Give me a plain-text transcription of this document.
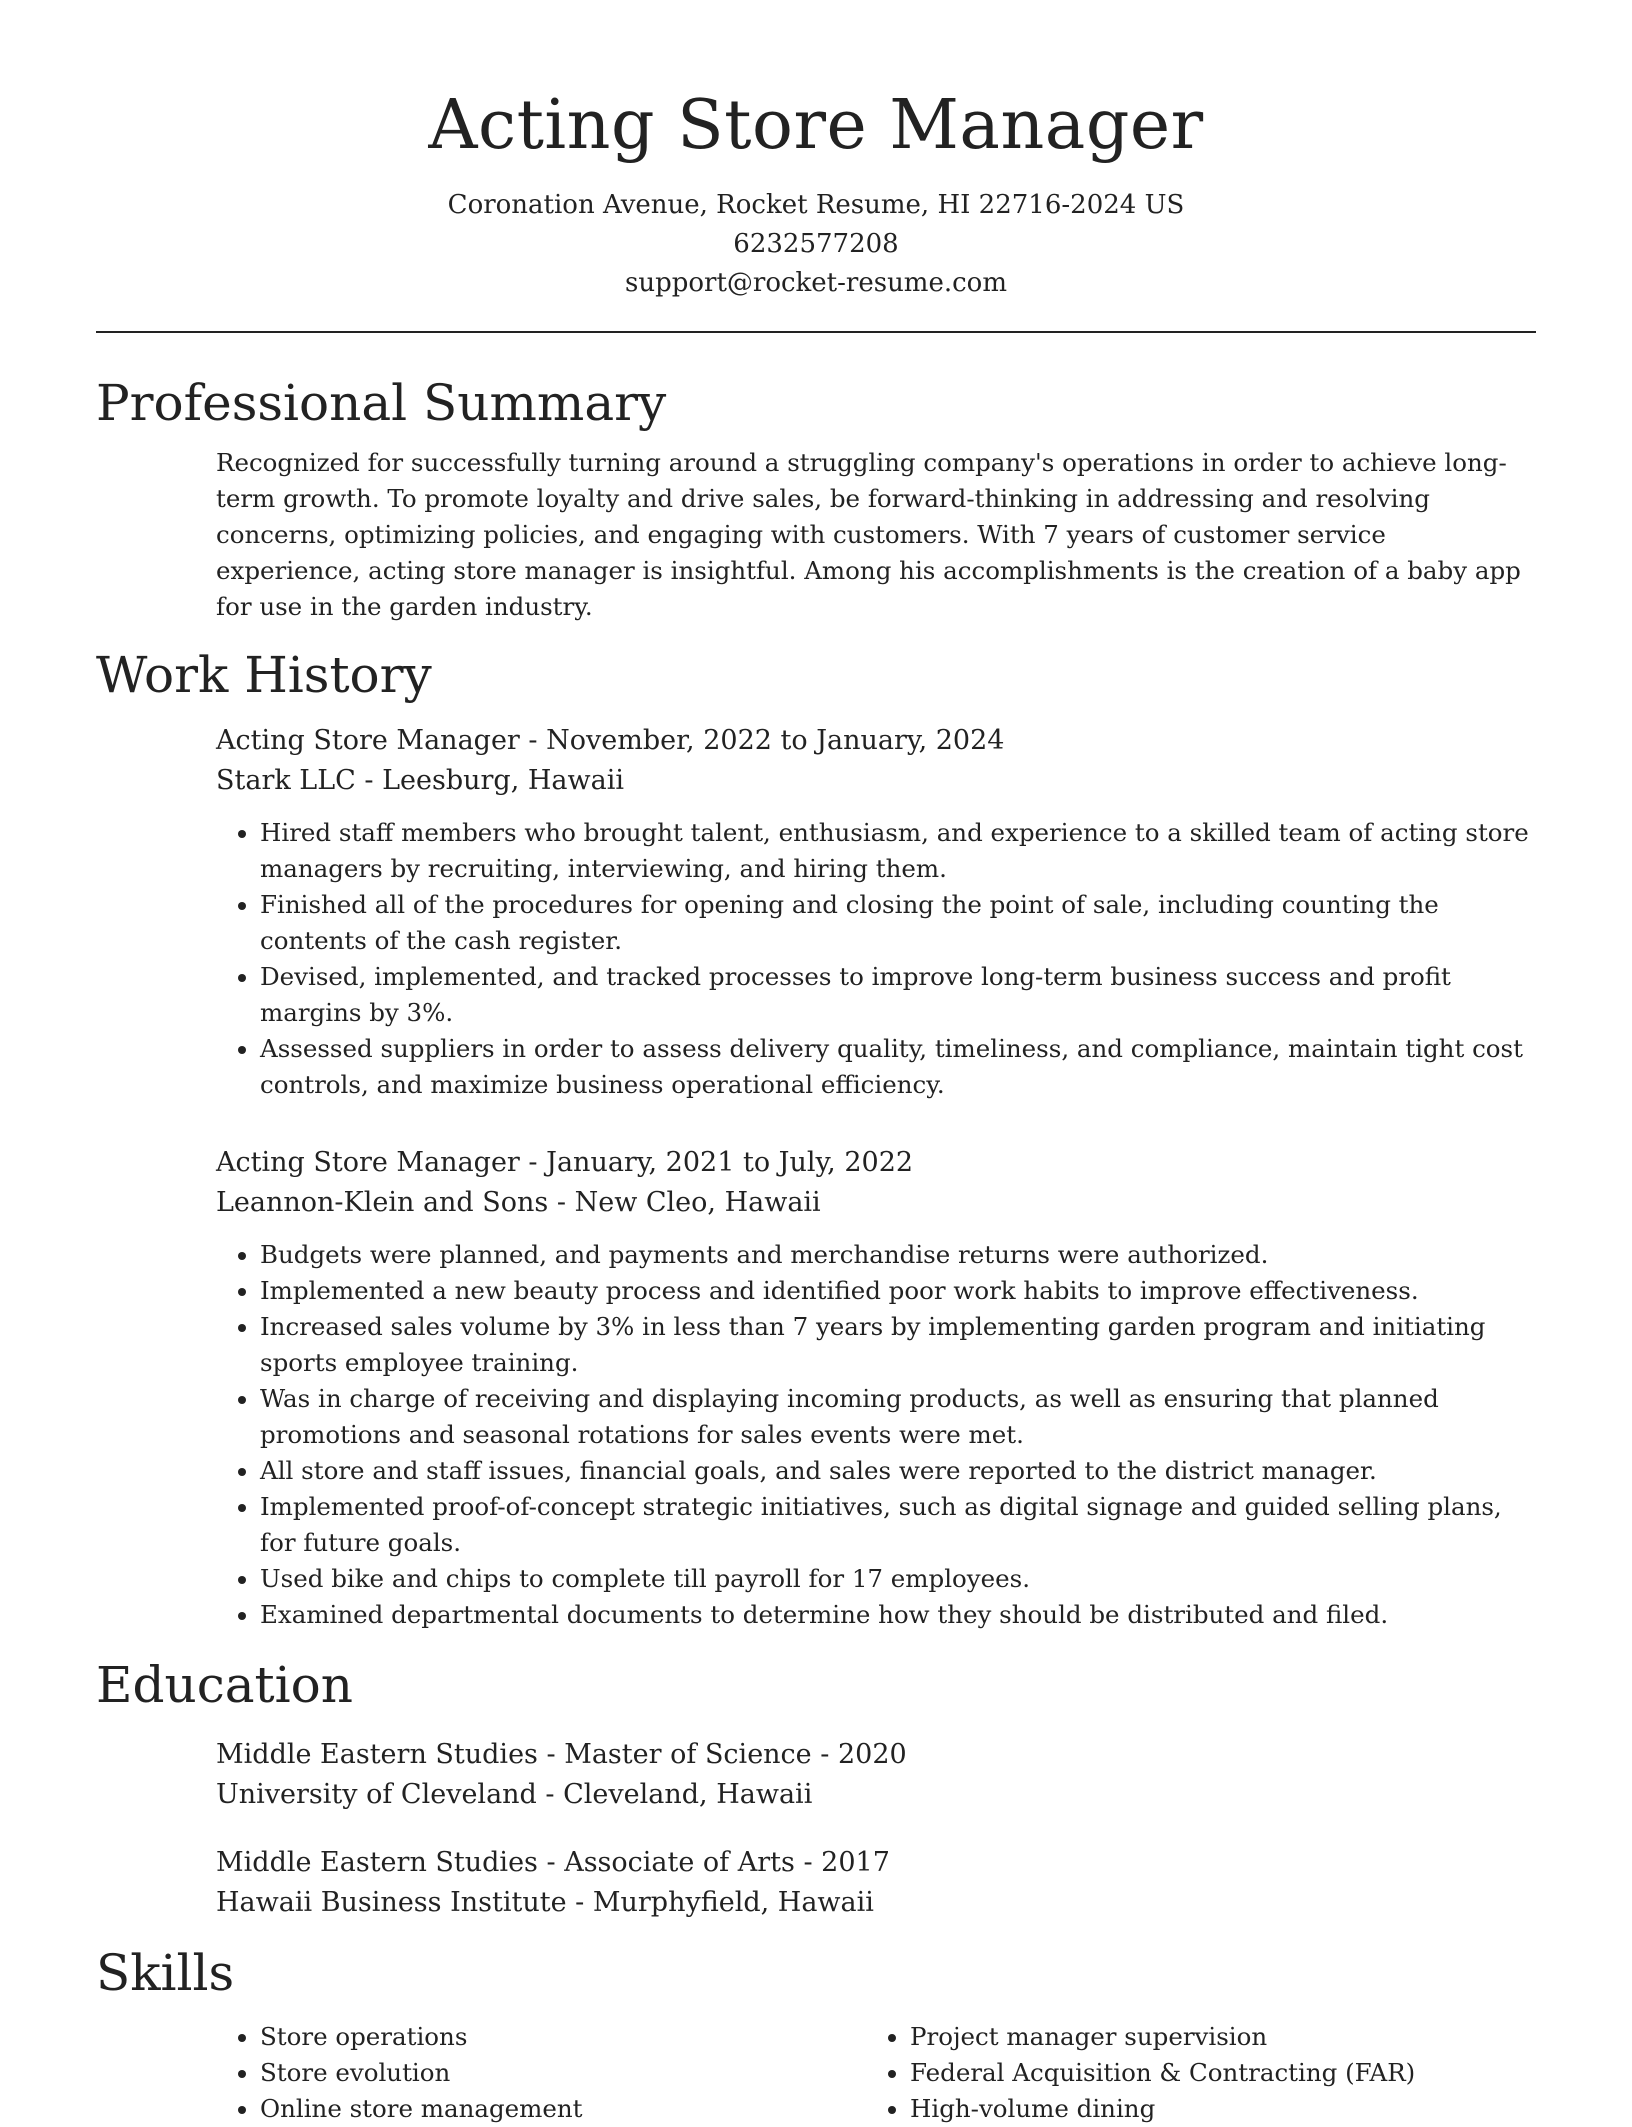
Acting Store Manager
Coronation Avenue, Rocket Resume, HI 22716-2024 US
6232577208
support@rocket-resume.com
Professional Summary

Recognized for successfully turning around a struggling company's operations in order to achieve long-term growth. To promote loyalty and drive sales, be forward-thinking in addressing and resolving concerns, optimizing policies, and engaging with customers. With 7 years of customer service experience, acting store manager is insightful. Among his accomplishments is the creation of a baby app for use in the garden industry.

Work History
Acting Store Manager - November, 2022 to January, 2024
Stark LLC - Leesburg, Hawaii
• Hired staff members who brought talent, enthusiasm, and experience to a skilled team of acting store managers by recruiting, interviewing, and hiring them.
• Finished all of the procedures for opening and closing the point of sale, including counting the contents of the cash register.
• Devised, implemented, and tracked processes to improve long-term business success and profit margins by 3%.
• Assessed suppliers in order to assess delivery quality, timeliness, and compliance, maintain tight cost controls, and maximize business operational efficiency.
Acting Store Manager - January, 2021 to July, 2022
Leannon-Klein and Sons - New Cleo, Hawaii
• Budgets were planned, and payments and merchandise returns were authorized.
• Implemented a new beauty process and identified poor work habits to improve effectiveness.
• Increased sales volume by 3% in less than 7 years by implementing garden program and initiating sports employee training.
• Was in charge of receiving and displaying incoming products, as well as ensuring that planned promotions and seasonal rotations for sales events were met.
• All store and staff issues, financial goals, and sales were reported to the district manager.
• Implemented proof-of-concept strategic initiatives, such as digital signage and guided selling plans, for future goals.
• Used bike and chips to complete till payroll for 17 employees.
• Examined departmental documents to determine how they should be distributed and filed.
Education
Middle Eastern Studies - Master of Science - 2020
University of Cleveland - Cleveland, Hawaii
Middle Eastern Studies - Associate of Arts - 2017
Hawaii Business Institute - Murphyfield, Hawaii
Skills
• Store operations
• Store evolution
• Online store management
• Project manager supervision
• Federal Acquisition & Contracting (FAR)
• High-volume dining
